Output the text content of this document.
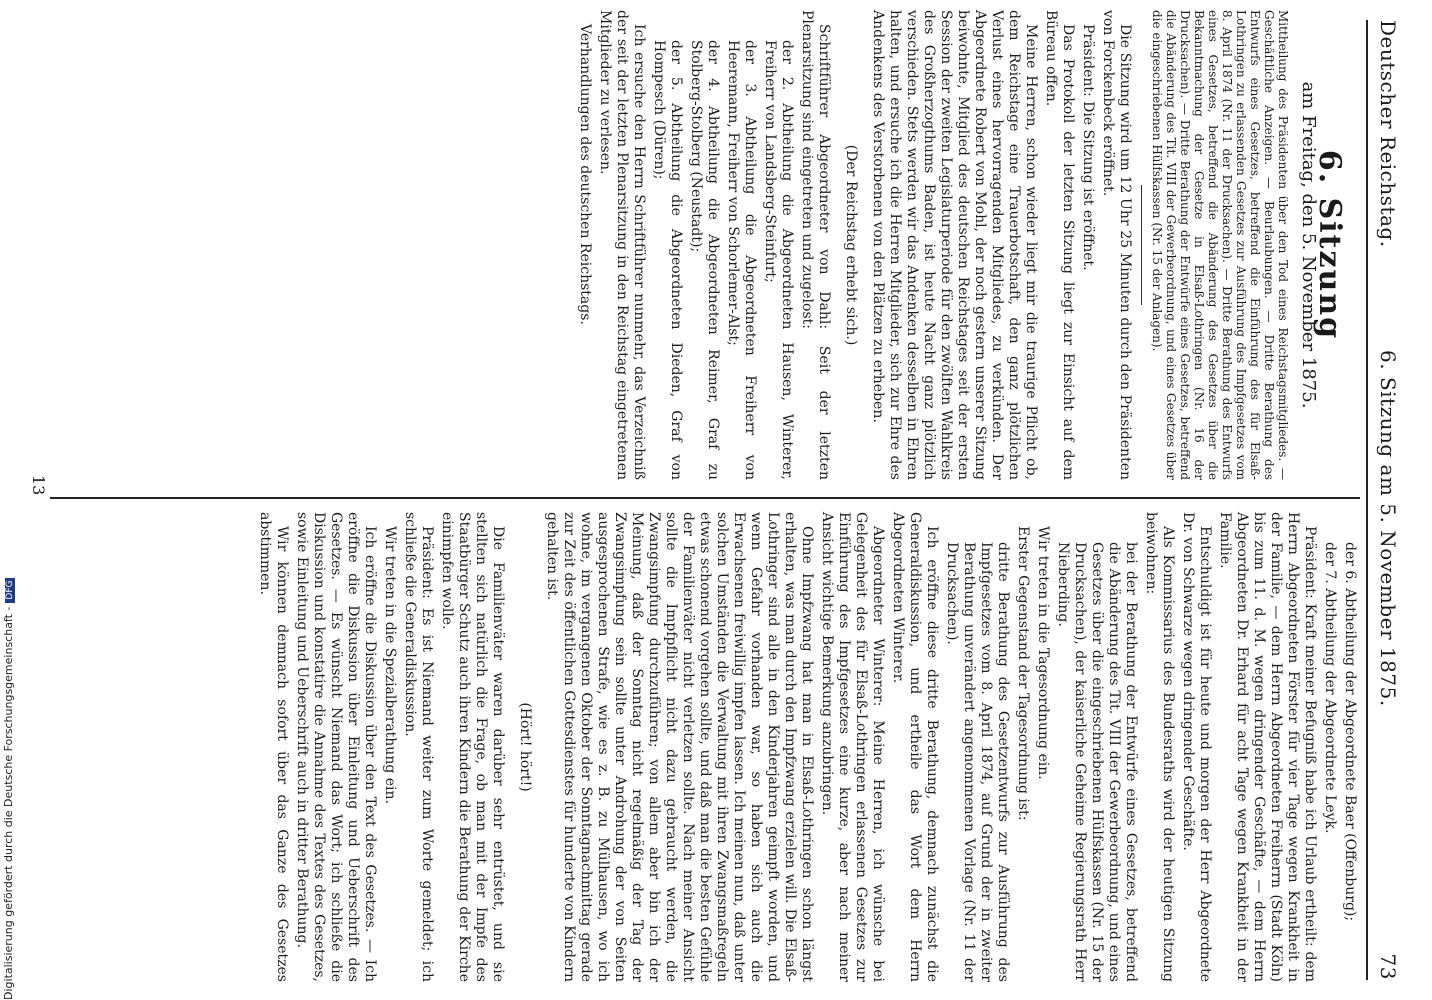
Deutscher Reichstag.
6. Sitzung am 5. November 1875.
73
6. Sitzung
am Freitag, den 5. November 1875.
Mittheilung des Präsidenten über den Tod eines Reichstagsmitgliedes. — Geschäftliche Anzeigen. — Beurlaubungen. — Dritte Berathung des Entwurfs eines Gesetzes, betreffend die Einführung des für Elsaß-Lothringen zu erlassenden Gesetzes zur Ausführung des Impfgesetzes vom 8. April 1874 (Nr. 11 der Drucksachen). — Dritte Berathung des Entwurfs eines Gesetzes, betreffend die Abänderung des Gesetzes über die Bekanntmachung der Gesetze in Elsaß-Lothringen (Nr. 16 der Drucksachen). — Dritte Berathung der Entwürfe eines Gesetzes, betreffend die Abänderung des Tit. VIII der Gewerbeordnung, und eines Gesetzes über die eingeschriebenen Hülfskassen (Nr. 15 der Anlagen).

Die Sitzung wird um 12 Uhr 25 Minuten durch den Präsidenten von Forckenbeck eröffnet.

Präsident: Die Sitzung ist eröffnet.

Das Protokoll der letzten Sitzung liegt zur Einsicht auf dem Büreau offen.

Meine Herren, schon wieder liegt mir die traurige Pflicht ob, dem Reichstage eine Trauerbotschaft, den ganz plötzlichen Verlust eines hervorragenden Mitgliedes, zu verkünden. Der Abgeordnete Robert von Mohl, der noch gestern unserer Sitzung beiwohnte, Mitglied des deutschen Reichstages seit der ersten Session der zweiten Legislaturperiode für den zwölften Wahlkreis des Großherzogthums Baden, ist heute Nacht ganz plötzlich verschieden. Stets werden wir das Andenken desselben in Ehren halten, und ersuche ich die Herren Mitglieder, sich zur Ehre des Andenkens des Verstorbenen von den Plätzen zu erheben.

(Der Reichstag erhebt sich.)

Schriftführer Abgeordneter von Dahl: Seit der letzten Plenarsitzung sind eingetreten und zugelost:

der 2. Abtheilung die Abgeordneten Hausen, Winterer, Freiherr von Landsberg-Steinfurt;

der 3. Abtheilung die Abgeordneten Freiherr von Heeremann, Freiherr von Schorlemer-Alst;

der 4. Abtheilung die Abgeordneten Reimer, Graf zu Stolberg-Stolberg (Neustadt);

der 5. Abtheilung die Abgeordneten Dieden, Graf von Hompesch (Düren);

Ich ersuche den Herrn Schriftführer nunmehr, das Verzeichniß der seit der letzten Plenarsitzung in den Reichstag eingetretenen Mitglieder zu verlesen.

Verhandlungen des deutschen Reichstags.

der 6. Abtheilung der Abgeordnete Baer (Offenburg);

der 7. Abtheilung der Abgeordnete Leyk.

Präsident: Kraft meiner Befugniß habe ich Urlaub ertheilt: dem Herrn Abgeordneten Förster für vier Tage wegen Krankheit in der Familie, — dem Herrn Abgeordneten Freiherrn (Stadt Köln) bis zum 11. d. M. wegen dringender Geschäfte, — dem Herrn Abgeordneten Dr. Erhard für acht Tage wegen Krankheit in der Familie.

Entschuldigt ist für heute und morgen der Herr Abgeordnete Dr. von Schwarze wegen dringender Geschäfte.

Als Kommissarius des Bundesraths wird der heutigen Sitzung beiwohnen:

bei der Berathung der Entwürfe eines Gesetzes, betreffend die Abänderung des Tit. VIII der Gewerbeordnung, und eines Gesetzes über die eingeschriebenen Hülfskassen (Nr. 15 der Drucksachen), der kaiserliche Geheime Regierungsrath Herr Nieberding.

Wir treten in die Tagesordnung ein.

Erster Gegenstand der Tagesordnung ist:

dritte Berathung des Gesetzentwurfs zur Ausführung des Impfgesetzes vom 8. April 1874, auf Grund der in zweiter Berathung unverändert angenommenen Vorlage (Nr. 11 der Drucksachen).

Ich eröffne diese dritte Berathung, demnach zunächst die Generaldiskussion, und ertheile das Wort dem Herrn Abgeordneten Winterer.

Abgeordneter Winterer: Meine Herren, ich wünsche bei Gelegenheit des für Elsaß-Lothringen erlassenen Gesetzes zur Einführung des Impfgesetzes eine kurze, aber nach meiner Ansicht wichtige Bemerkung anzubringen.

Ohne Impfzwang hat man in Elsaß-Lothringen schon längst erhalten, was man durch den Impfzwang erzielen will. Die Elsaß-Lothringer sind alle in den Kinderjahren geimpft worden, und wenn Gefahr vorhanden war, so haben sich auch die Erwachsenen freiwillig impfen lassen. Ich meinen nun, daß unter solchen Umständen die Verwaltung mit ihren Zwangsmaßregeln etwas schonend vorgehen sollte, und daß man die besten Gefühle der Familienväter nicht verletzen sollte. Nach meiner Ansicht sollte die Impfpflicht nicht dazu gebraucht werden, die Zwangsimpfung durchzuführen; von allem aber bin ich der Meinung, daß der Sonntag nicht regelmäßig der Tag der Zwangsimpfung sein sollte unter Androhung der von Seiten ausgesprochenen Strafe, wie es z. B. zu Mülhausen, wo ich wohne, im vergangenen Oktober der Sonntagnachmittag gerade zur Zeit des öffentlichen Gottesdienstes für hunderte von Kindern gehalten ist.

(Hört! hört!)

Die Familienväter waren darüber sehr entrüstet, und sie stellten sich natürlich die Frage, ob man mit der Impfe des Staatbürger Schutz auch ihren Kindern die Berathung der Kirche einimpfen wolle.

Präsident: Es ist Niemand weiter zum Worte gemeldet; ich schließe die Generaldiskussion.

Wir treten in die Spezialberathung ein.

Ich eröffne die Diskussion über den Text des Gesetzes. — Ich eröffne die Diskussion über Einleitung und Ueberschrift des Gesetzes. — Es wünscht Niemand das Wort; ich schließe die Diskussion und konstatire die Annahme des Textes des Gesetzes, sowie Einleitung und Ueberschrift auch in dritter Berathung.

Wir können demnach sofort über das Ganze des Gesetzes abstimmen.

13
Digitalisierung gefördert durch die Deutsche Forschungsgemeinschaft -DFG
